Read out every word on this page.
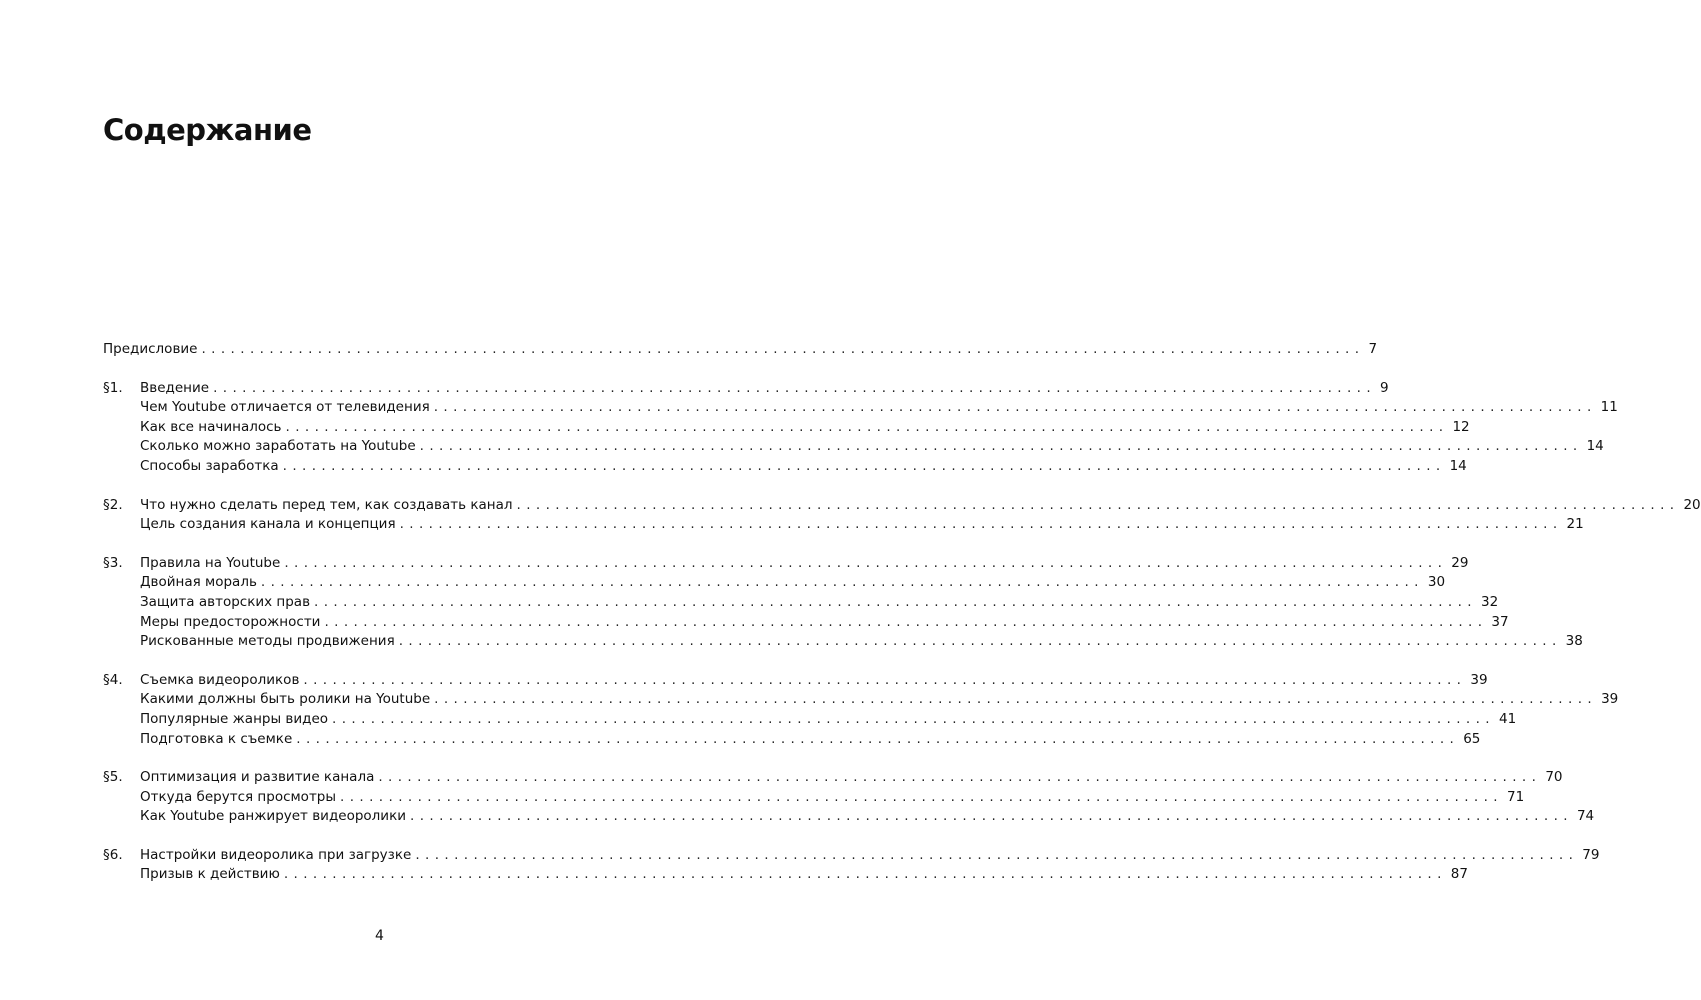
Содержание
Предисловие ........................................................................................................................ 7
§1.	Введение ........................................................................................................................ 9
Чем Youtube отличается от телевидения ........................................................................................................................ 11
Как все начиналось ........................................................................................................................ 12
Сколько можно заработать на Youtube ........................................................................................................................ 14
Способы заработка ........................................................................................................................ 14
§2.	Что нужно сделать перед тем, как создавать канал ........................................................................................................................ 20
Цель создания канала и концепция ........................................................................................................................ 21
§3.	Правила на Youtube ........................................................................................................................ 29
Двойная мораль ........................................................................................................................ 30
Защита авторских прав ........................................................................................................................ 32
Меры предосторожности ........................................................................................................................ 37
Рискованные методы продвижения ........................................................................................................................ 38
§4.	Съемка видеороликов ........................................................................................................................ 39
Какими должны быть ролики на Youtube ........................................................................................................................ 39
Популярные жанры видео ........................................................................................................................ 41
Подготовка к съемке ........................................................................................................................ 65
§5.	Оптимизация и развитие канала ........................................................................................................................ 70
Откуда берутся просмотры ........................................................................................................................ 71
Как Youtube ранжирует видеоролики ........................................................................................................................ 74
§6.	Настройки видеоролика при загрузке ........................................................................................................................ 79
Призыв к действию ........................................................................................................................ 87
4
